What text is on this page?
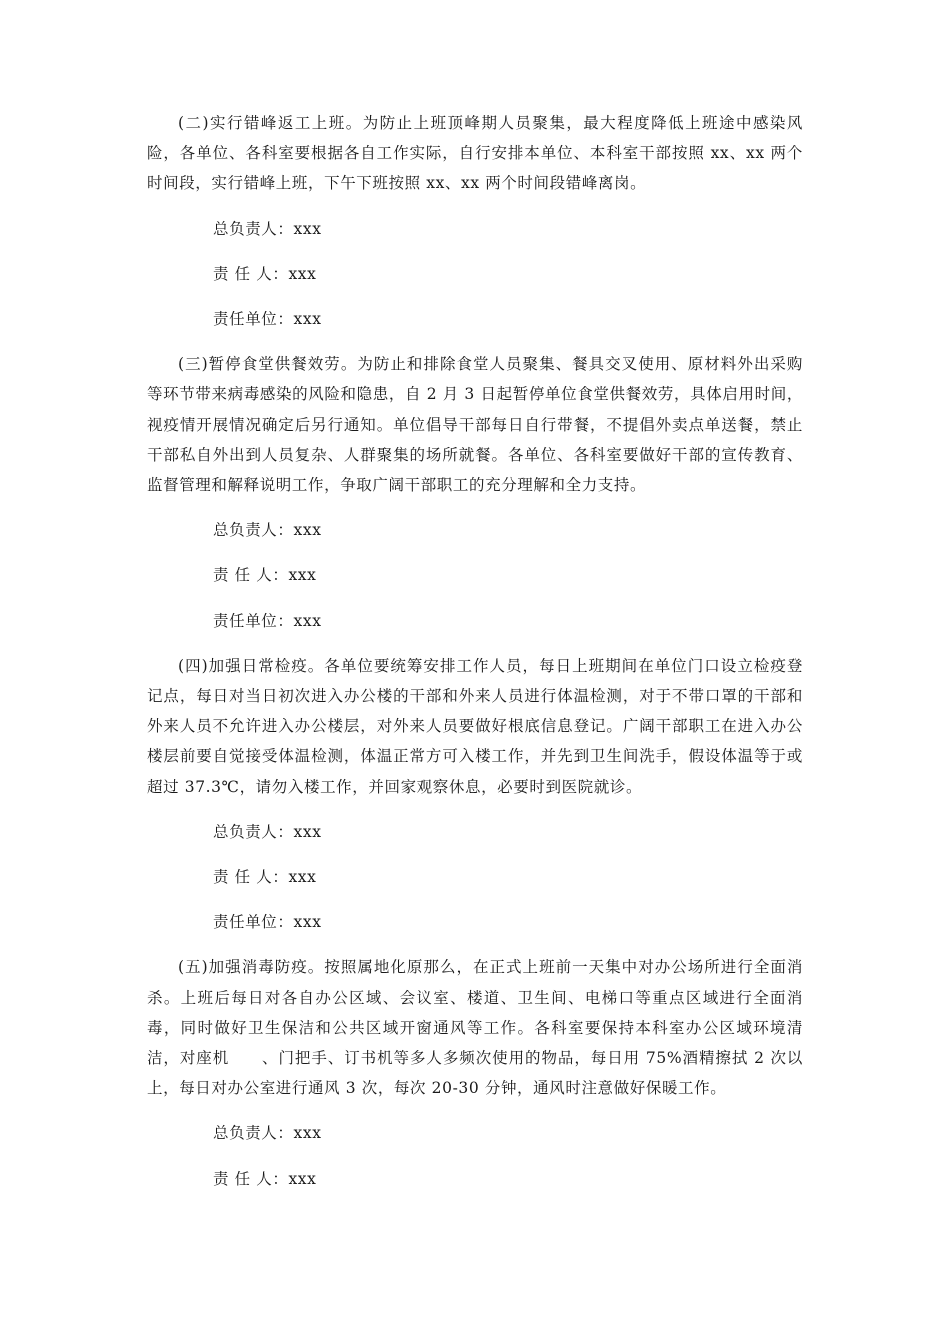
(二)实行错峰返工上班。为防止上班顶峰期人员聚集，最大程度降低上班途中感染风险，各单位、各科室要根据各自工作实际，自行安排本单位、本科室干部按照 xx、xx 两个时间段，实行错峰上班，下午下班按照 xx、xx 两个时间段错峰离岗。

总负责人：xxx

责 任 人：xxx

责任单位：xxx

(三)暂停食堂供餐效劳。为防止和排除食堂人员聚集、餐具交叉使用、原材料外出采购等环节带来病毒感染的风险和隐患，自 2 月 3 日起暂停单位食堂供餐效劳，具体启用时间，视疫情开展情况确定后另行通知。单位倡导干部每日自行带餐，不提倡外卖点单送餐，禁止干部私自外出到人员复杂、人群聚集的场所就餐。各单位、各科室要做好干部的宣传教育、监督管理和解释说明工作，争取广阔干部职工的充分理解和全力支持。

总负责人：xxx

责 任 人：xxx

责任单位：xxx

(四)加强日常检疫。各单位要统筹安排工作人员，每日上班期间在单位门口设立检疫登记点，每日对当日初次进入办公楼的干部和外来人员进行体温检测，对于不带口罩的干部和外来人员不允许进入办公楼层，对外来人员要做好根底信息登记。广阔干部职工在进入办公楼层前要自觉接受体温检测，体温正常方可入楼工作，并先到卫生间洗手，假设体温等于或超过 37.3℃，请勿入楼工作，并回家观察休息，必要时到医院就诊。

总负责人：xxx

责 任 人：xxx

责任单位：xxx

(五)加强消毒防疫。按照属地化原那么，在正式上班前一天集中对办公场所进行全面消杀。上班后每日对各自办公区域、会议室、楼道、卫生间、电梯口等重点区域进行全面消毒，同时做好卫生保洁和公共区域开窗通风等工作。各科室要保持本科室办公区域环境清洁，对座机　　、门把手、订书机等多人多频次使用的物品，每日用 75%酒精擦拭 2 次以上，每日对办公室进行通风 3 次，每次 20-30 分钟，通风时注意做好保暖工作。

总负责人：xxx

责 任 人：xxx
